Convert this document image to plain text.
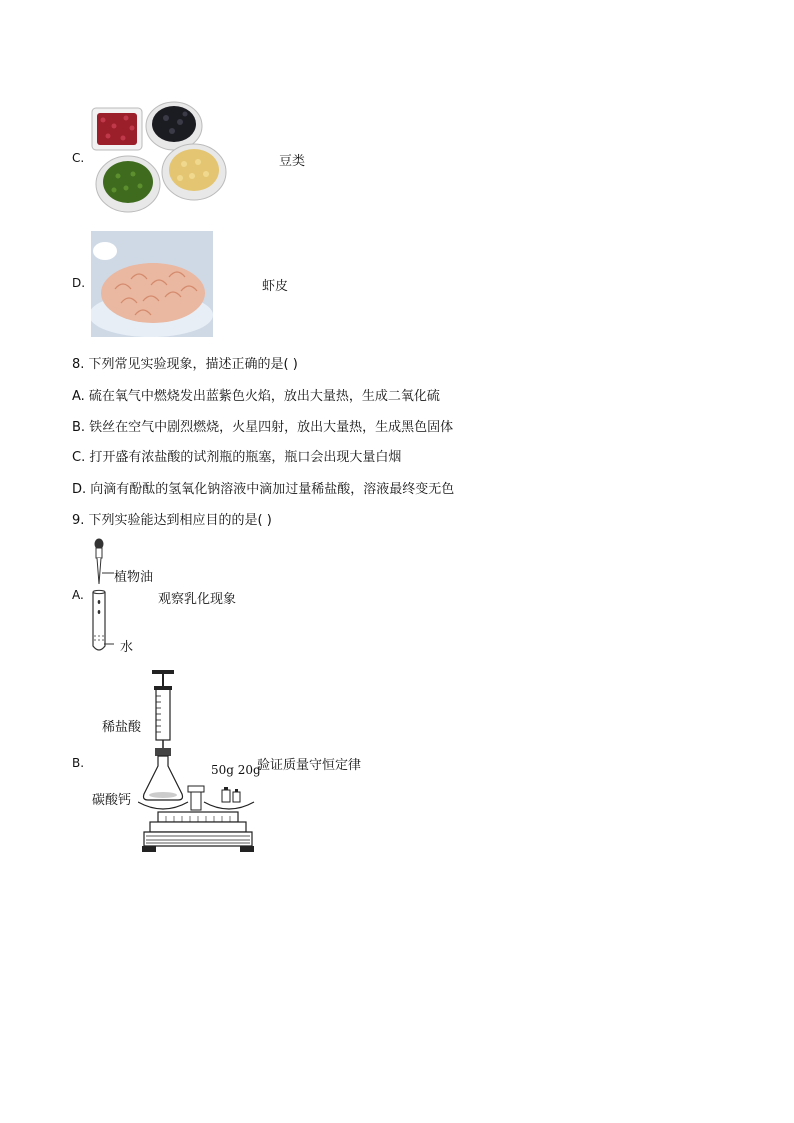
C.	豆类
D.	虾皮
8. 下列常见实验现象，描述正确的是( )
A. 硫在氧气中燃烧发出蓝紫色火焰，放出大量热，生成二氧化硫
B. 铁丝在空气中剧烈燃烧，火星四射，放出大量热，生成黑色固体
C. 打开盛有浓盐酸的试剂瓶的瓶塞，瓶口会出现大量白烟
D. 向滴有酚酞的氢氧化钠溶液中滴加过量稀盐酸，溶液最终变无色
9. 下列实验能达到相应目的的是( )
A.
植物油
水
观察乳化现象
B.
稀盐酸
碳酸钙
50g 20g
验证质量守恒定律
